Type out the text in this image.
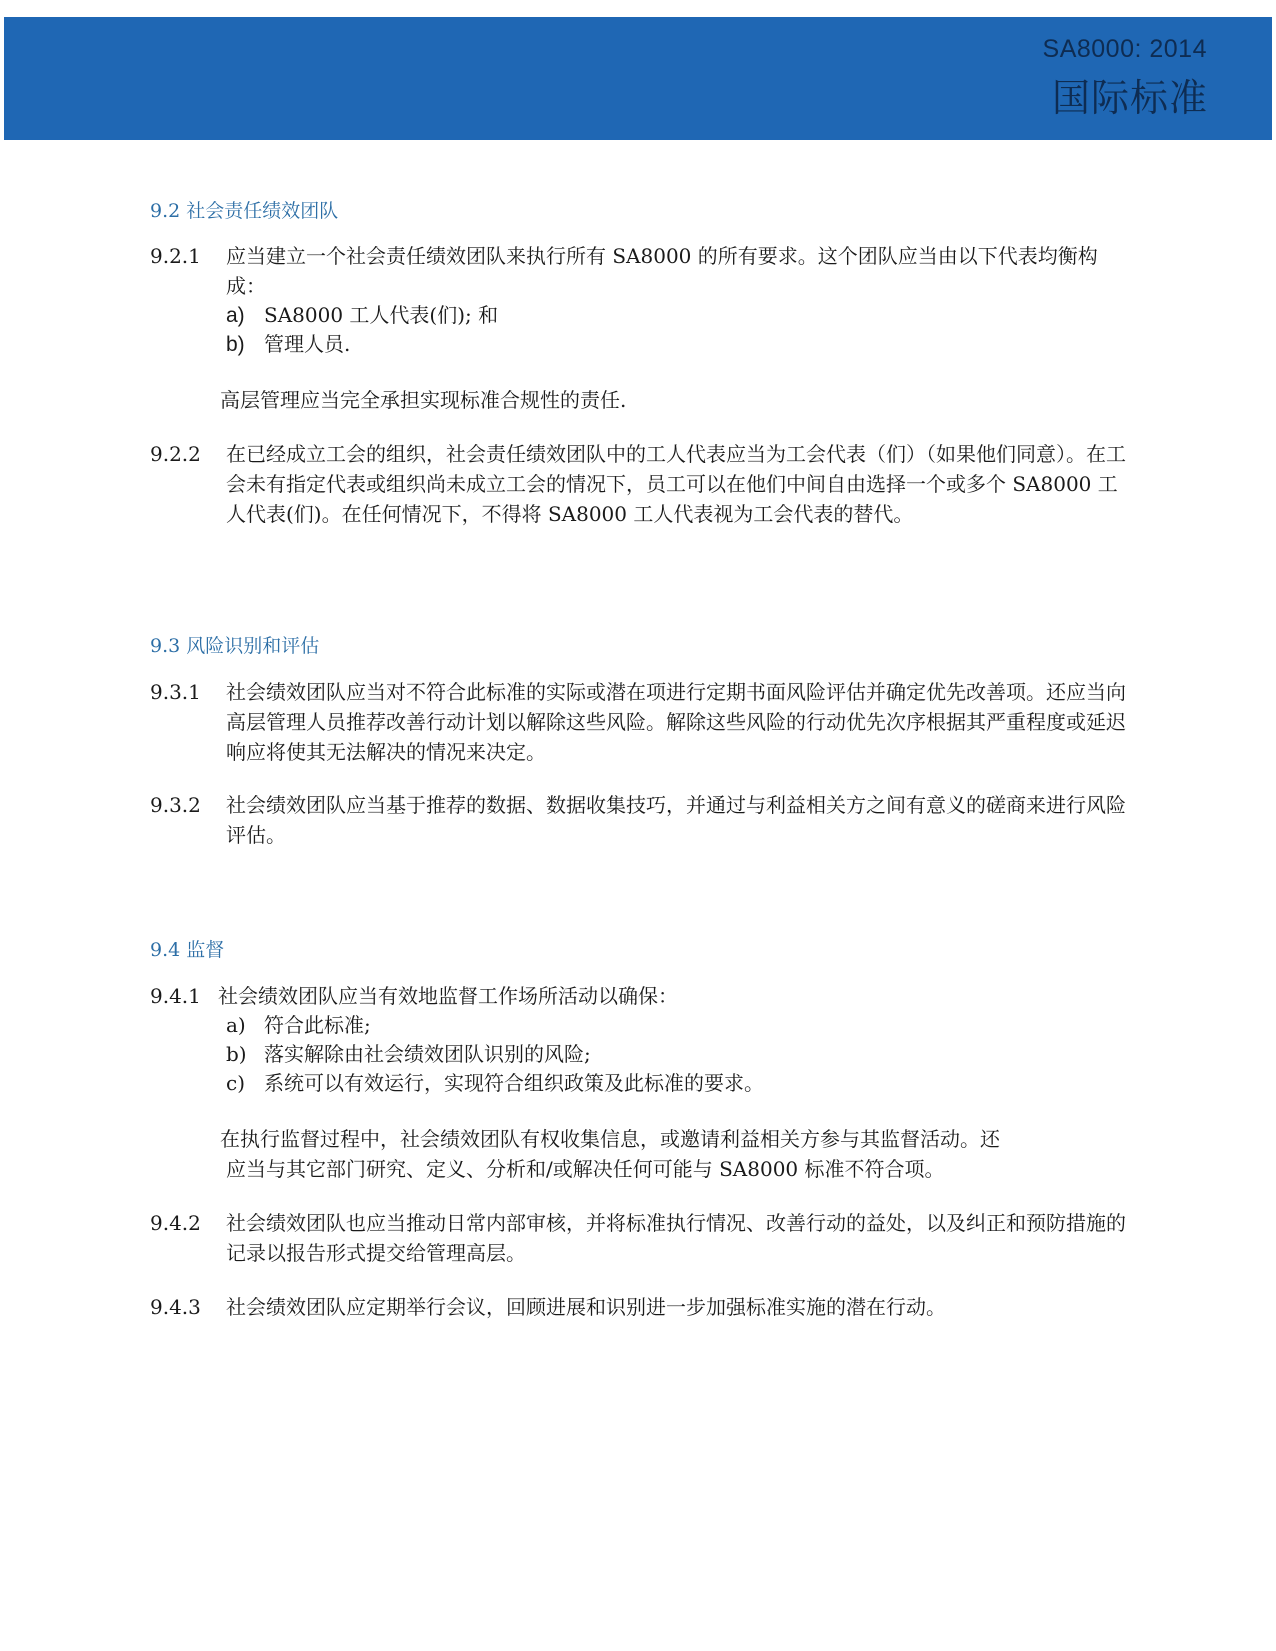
SA8000: 2014
国际标准
9.2 社会责任绩效团队
9.2.1 应当建立一个社会责任绩效团队来执行所有 SA8000 的所有要求。这个团队应当由以下代表均衡构成：
a) SA8000 工人代表(们); 和
b) 管理人员.
高层管理应当完全承担实现标准合规性的责任.
9.2.2 在已经成立工会的组织，社会责任绩效团队中的工人代表应当为工会代表（们）（如果他们同意）。在工会未有指定代表或组织尚未成立工会的情况下，员工可以在他们中间自由选择一个或多个 SA8000 工人代表(们)。在任何情况下，不得将 SA8000 工人代表视为工会代表的替代。
9.3 风险识别和评估
9.3.1 社会绩效团队应当对不符合此标准的实际或潜在项进行定期书面风险评估并确定优先改善项。还应当向高层管理人员推荐改善行动计划以解除这些风险。解除这些风险的行动优先次序根据其严重程度或延迟响应将使其无法解决的情况来决定。
9.3.2 社会绩效团队应当基于推荐的数据、数据收集技巧，并通过与利益相关方之间有意义的磋商来进行风险评估。
9.4 监督
9.4.1 社会绩效团队应当有效地监督工作场所活动以确保：
a) 符合此标准;
b) 落实解除由社会绩效团队识别的风险;
c) 系统可以有效运行，实现符合组织政策及此标准的要求。
在执行监督过程中，社会绩效团队有权收集信息，或邀请利益相关方参与其监督活动。还
应当与其它部门研究、定义、分析和/或解决任何可能与 SA8000 标准不符合项。
9.4.2 社会绩效团队也应当推动日常内部审核，并将标准执行情况、改善行动的益处，以及纠正和预防措施的记录以报告形式提交给管理高层。
9.4.3 社会绩效团队应定期举行会议，回顾进展和识别进一步加强标准实施的潜在行动。
